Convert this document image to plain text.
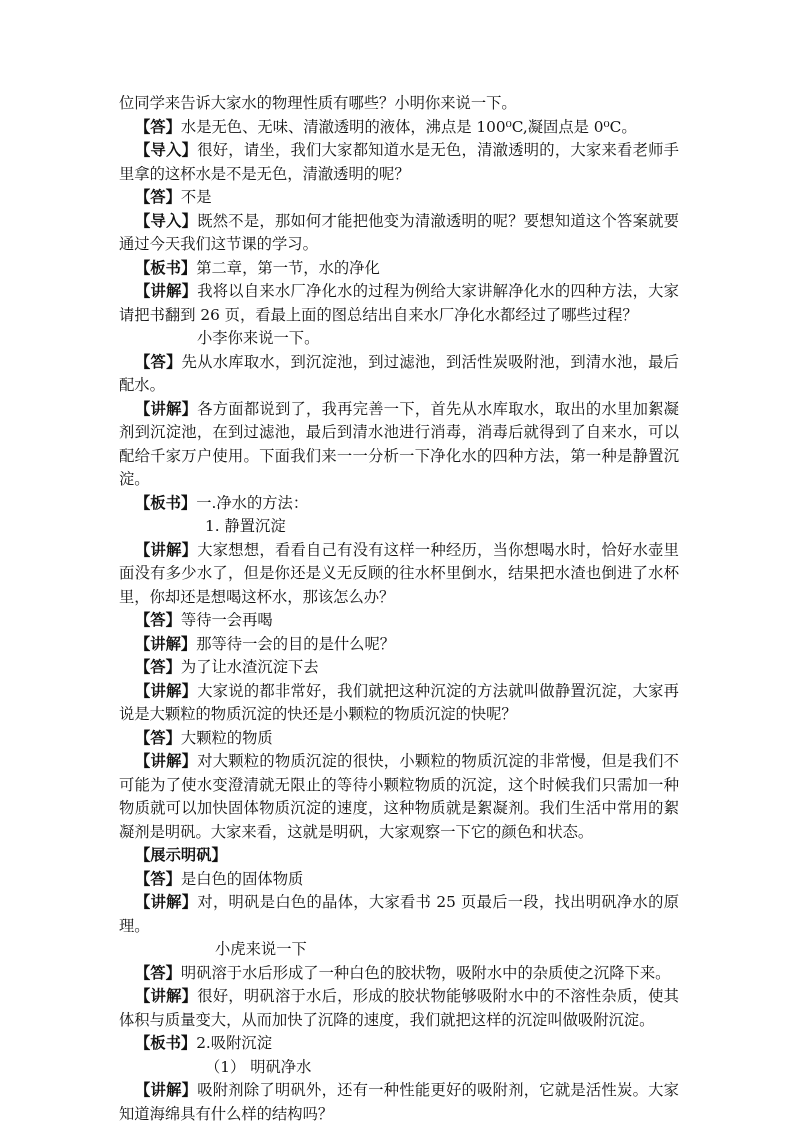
位同学来告诉大家水的物理性质有哪些？小明你来说一下。

【答】水是无色、无味、清澈透明的液体，沸点是 100⁰C,凝固点是 0⁰C。

【导入】很好，请坐，我们大家都知道水是无色，清澈透明的，大家来看老师手里拿的这杯水是不是无色，清澈透明的呢？

【答】不是

【导入】既然不是，那如何才能把他变为清澈透明的呢？要想知道这个答案就要通过今天我们这节课的学习。

【板书】第二章，第一节，水的净化

【讲解】我将以自来水厂净化水的过程为例给大家讲解净化水的四种方法，大家请把书翻到 26 页，看最上面的图总结出自来水厂净化水都经过了哪些过程？

小李你来说一下。

【答】先从水库取水，到沉淀池，到过滤池，到活性炭吸附池，到清水池，最后配水。

【讲解】各方面都说到了，我再完善一下，首先从水库取水，取出的水里加絮凝剂到沉淀池，在到过滤池，最后到清水池进行消毒，消毒后就得到了自来水，可以配给千家万户使用。下面我们来一一分析一下净化水的四种方法，第一种是静置沉淀。

【板书】一.净水的方法：

1. 静置沉淀

【讲解】大家想想，看看自己有没有这样一种经历，当你想喝水时，恰好水壶里面没有多少水了，但是你还是义无反顾的往水杯里倒水，结果把水渣也倒进了水杯里，你却还是想喝这杯水，那该怎么办？

【答】等待一会再喝

【讲解】那等待一会的目的是什么呢？

【答】为了让水渣沉淀下去

【讲解】大家说的都非常好，我们就把这种沉淀的方法就叫做静置沉淀，大家再说是大颗粒的物质沉淀的快还是小颗粒的物质沉淀的快呢？

【答】大颗粒的物质

【讲解】对大颗粒的物质沉淀的很快，小颗粒的物质沉淀的非常慢，但是我们不可能为了使水变澄清就无限止的等待小颗粒物质的沉淀，这个时候我们只需加一种物质就可以加快固体物质沉淀的速度，这种物质就是絮凝剂。我们生活中常用的絮凝剂是明矾。大家来看，这就是明矾，大家观察一下它的颜色和状态。

【展示明矾】

【答】是白色的固体物质

【讲解】对，明矾是白色的晶体，大家看书 25 页最后一段，找出明矾净水的原理。

小虎来说一下

【答】明矾溶于水后形成了一种白色的胶状物，吸附水中的杂质使之沉降下来。

【讲解】很好，明矾溶于水后，形成的胶状物能够吸附水中的不溶性杂质，使其体积与质量变大，从而加快了沉降的速度，我们就把这样的沉淀叫做吸附沉淀。

【板书】2.吸附沉淀

（1） 明矾净水

【讲解】吸附剂除了明矾外，还有一种性能更好的吸附剂，它就是活性炭。大家知道海绵具有什么样的结构吗？
